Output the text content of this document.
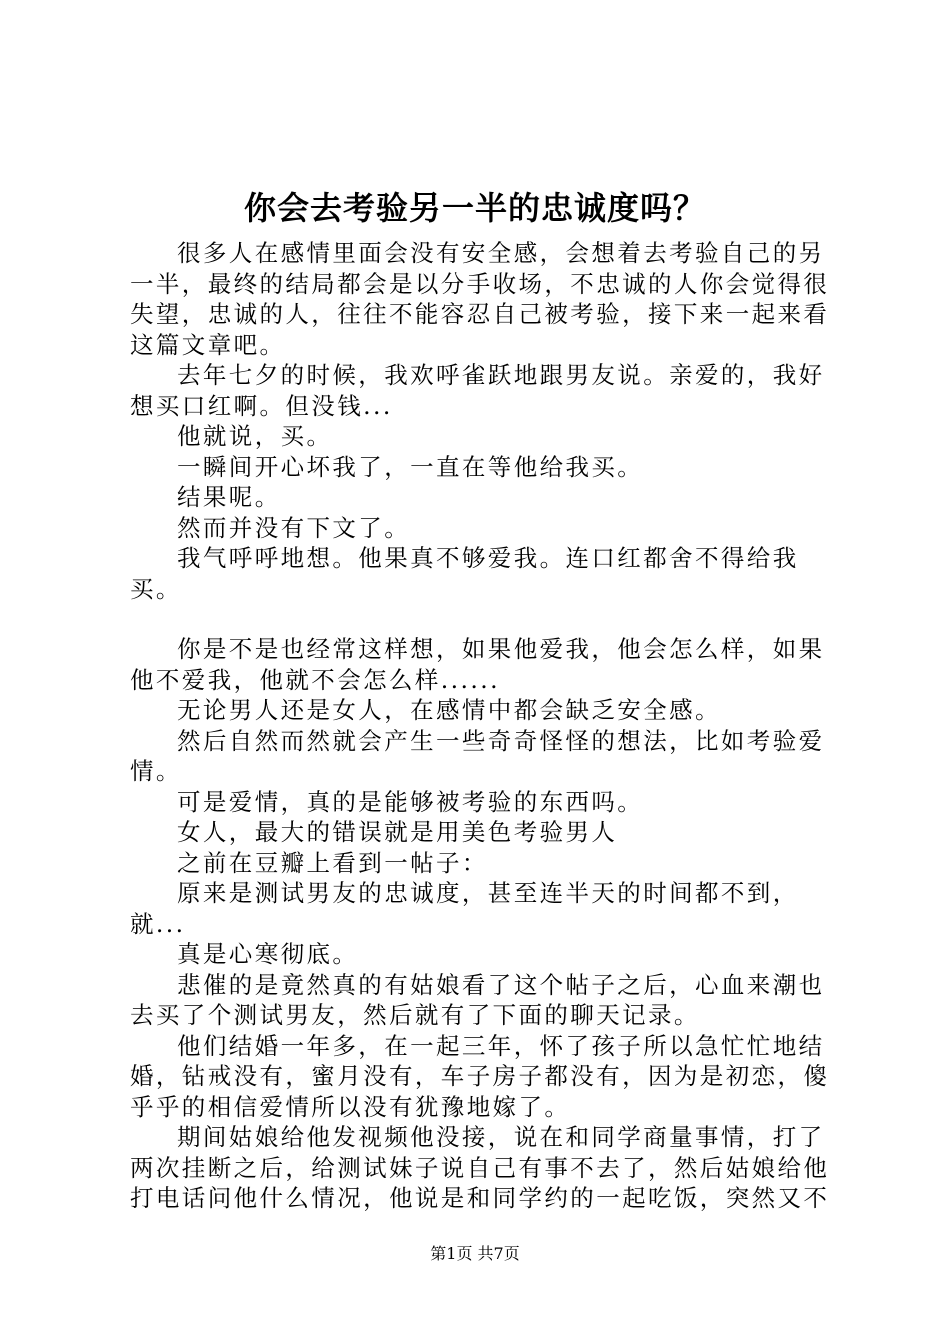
你会去考验另一半的忠诚度吗？

很多人在感情里面会没有安全感，会想着去考验自己的另一半，最终的结局都会是以分手收场，不忠诚的人你会觉得很失望，忠诚的人，往往不能容忍自己被考验，接下来一起来看这篇文章吧。

去年七夕的时候，我欢呼雀跃地跟男友说。亲爱的，我好想买口红啊。但没钱...

他就说，买。

一瞬间开心坏我了，一直在等他给我买。

结果呢。

然而并没有下文了。

我气呼呼地想。他果真不够爱我。连口红都舍不得给我买。

你是不是也经常这样想，如果他爱我，他会怎么样，如果他不爱我，他就不会怎么样......

无论男人还是女人，在感情中都会缺乏安全感。

然后自然而然就会产生一些奇奇怪怪的想法，比如考验爱情。

可是爱情，真的是能够被考验的东西吗。

女人，最大的错误就是用美色考验男人

之前在豆瓣上看到一帖子：

原来是测试男友的忠诚度，甚至连半天的时间都不到，就...

真是心寒彻底。

悲催的是竟然真的有姑娘看了这个帖子之后，心血来潮也去买了个测试男友，然后就有了下面的聊天记录。

他们结婚一年多，在一起三年，怀了孩子所以急忙忙地结婚，钻戒没有，蜜月没有，车子房子都没有，因为是初恋，傻乎乎的相信爱情所以没有犹豫地嫁了。

期间姑娘给他发视频他没接，说在和同学商量事情，打了两次挂断之后，给测试妹子说自己有事不去了，然后姑娘给他打电话问他什么情况，他说是和同学约的一起吃饭，突然又不

第1页 共7页
